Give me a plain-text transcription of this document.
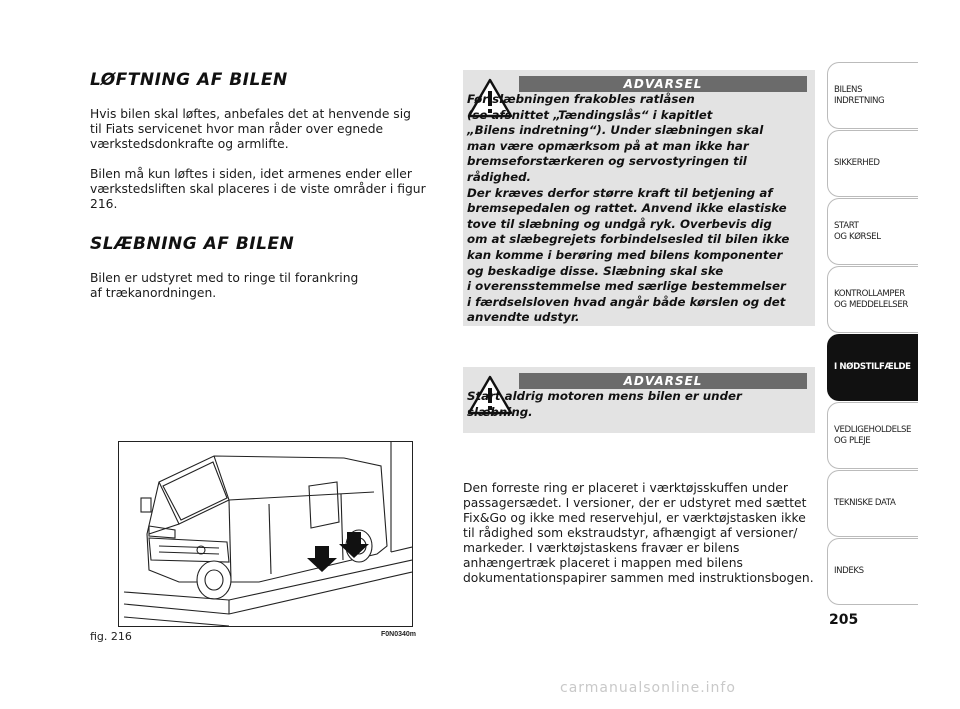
LØFTNING AF BILEN

Hvis bilen skal løftes, anbefales det at henvende sig
til Fiats servicenet hvor man råder over egnede
værkstedsdonkrafte og armlifte.

Bilen må kun løftes i siden, idet armenes ender eller
værkstedsliften skal placeres i de viste områder i figur 216.

SLÆBNING AF BILEN

Bilen er udstyret med to ringe til forankring
af trækanordningen.

fig. 216	F0N0340m
ADVARSEL

Før slæbningen frakobles ratlåsen
(se afsnittet „Tændingslås“ i kapitlet
„Bilens indretning“). Under slæbningen skal
man være opmærksom på at man ikke har
bremseforstærkeren og servostyringen til rådighed.
Der kræves derfor større kraft til betjening af
bremsepedalen og rattet. Anvend ikke elastiske
tove til slæbning og undgå ryk. Overbevis dig
om at slæbegrejets forbindelsesled til bilen ikke
kan komme i berøring med bilens komponenter
og beskadige disse. Slæbning skal ske
i overensstemmelse med særlige bestemmelser
i færdselsloven hvad angår både kørslen og det
anvendte udstyr.

ADVARSEL

Start aldrig motoren mens bilen er under
slæbning.

Den forreste ring er placeret i værktøjsskuffen under
passagersædet. I versioner, der er udstyret med sættet
Fix&Go og ikke med reservehjul, er værktøjstasken ikke
til rådighed som ekstraudstyr, afhængigt af versioner/
markeder. I værktøjstaskens fravær er bilens
anhængertræk placeret i mappen med bilens
dokumentationspapirer sammen med instruktionsbogen.

BILENS
INDRETNING
SIKKERHED
START
OG KØRSEL
KONTROLLAMPER
OG MEDDELELSER
I NØDSTILFÆLDE
VEDLIGEHOLDELSE
OG PLEJE
TEKNISKE DATA
INDEKS
205
carmanualsonline.info
